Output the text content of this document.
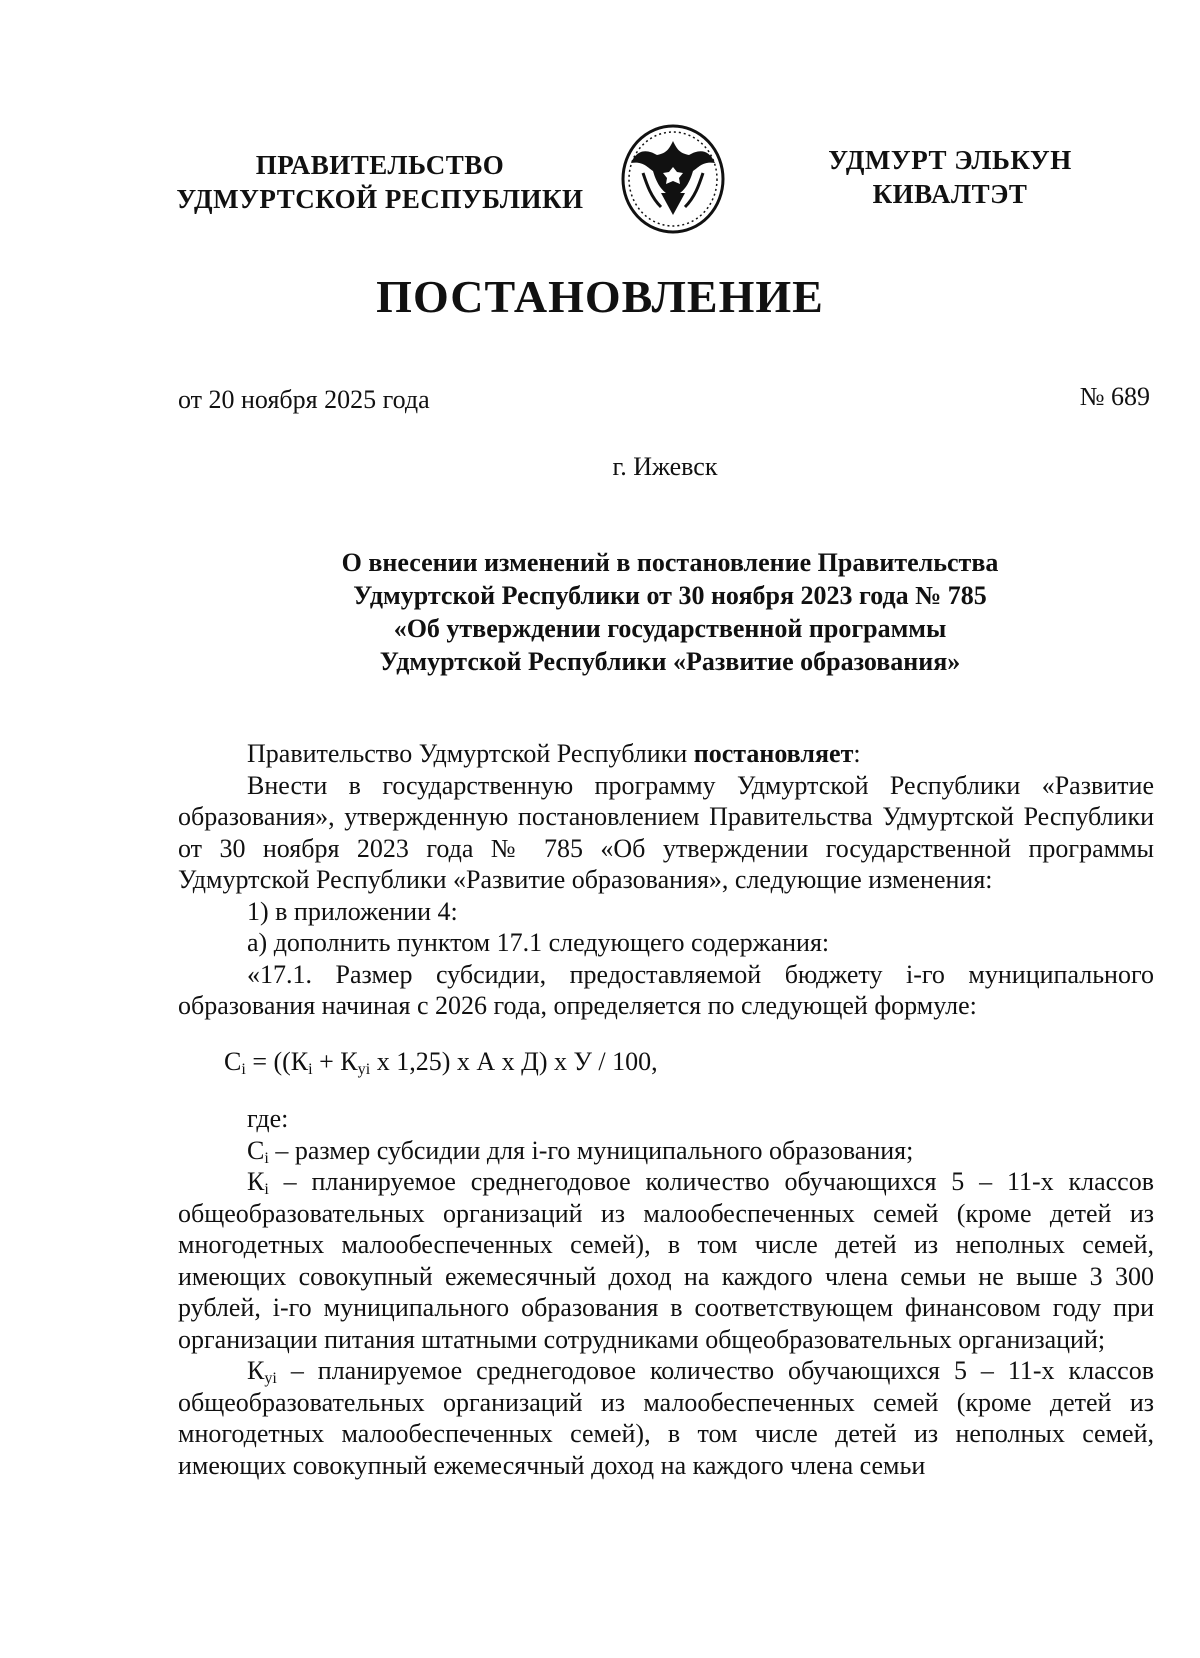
ПРАВИТЕЛЬСТВО
УДМУРТСКОЙ РЕСПУБЛИКИ
УДМУРТ ЭЛЬКУН
КИВАЛТЭТ
ПОСТАНОВЛЕНИЕ
от 20 ноября 2025 года	№ 689
г. Ижевск
О внесении изменений в постановление Правительства
Удмуртской Республики от 30 ноября 2023 года № 785
«Об утверждении государственной программы
Удмуртской Республики «Развитие образования»

Правительство Удмуртской Республики постановляет:

Внести в государственную программу Удмуртской Республики «Развитие образования», утвержденную постановлением Правительства Удмуртской Республики от 30 ноября 2023 года № 785 «Об утверждении государственной программы Удмуртской Республики «Развитие образования», следующие изменения:

1) в приложении 4:

а) дополнить пунктом 17.1 следующего содержания:

«17.1. Размер субсидии, предоставляемой бюджету i-го муниципального образования начиная с 2026 года, определяется по следующей формуле:

$С_i = ((К_i + К_{уi}$ х 1,25) х А х Д) х У / 100,

где:

$С_i$ – размер субсидии для i-го муниципального образования;

$К_i$ – планируемое среднегодовое количество обучающихся 5 – 11-х классов общеобразовательных организаций из малообеспеченных семей (кроме детей из многодетных малообеспеченных семей), в том числе детей из неполных семей, имеющих совокупный ежемесячный доход на каждого члена семьи не выше 3 300 рублей, i-го муниципального образования в соответствующем финансовом году при организации питания штатными сотрудниками общеобразовательных организаций;

$К_{уi}$ – планируемое среднегодовое количество обучающихся 5 – 11-х классов общеобразовательных организаций из малообеспеченных семей (кроме детей из многодетных малообеспеченных семей), в том числе детей из неполных семей, имеющих совокупный ежемесячный доход на каждого члена семьи
